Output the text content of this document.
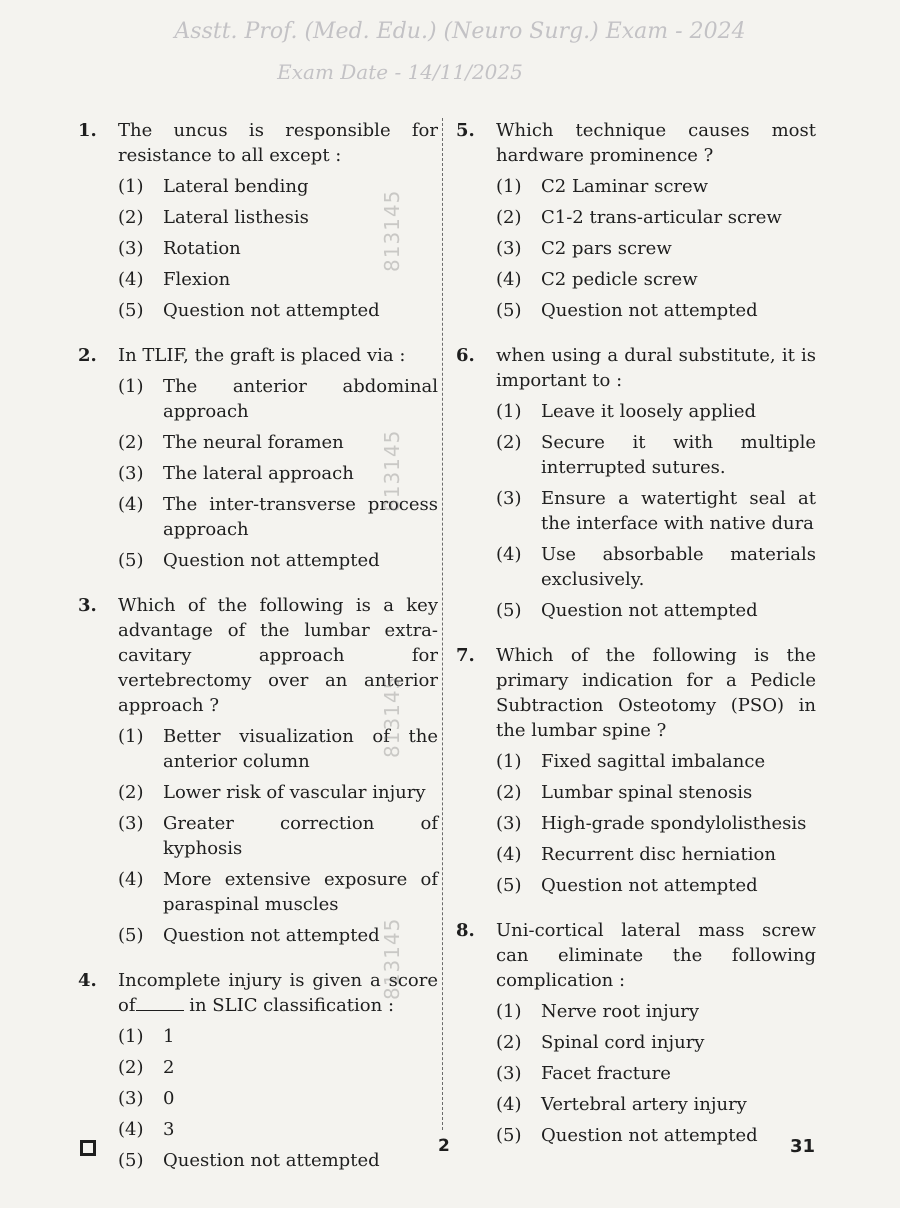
Asstt. Prof. (Med. Edu.) (Neuro Surg.) Exam - 2024
Exam Date - 14/11/2025
1.	The uncus is responsible for resistance to all except :

(1)	Lateral bending
(2)	Lateral listhesis
(3)	Rotation
(4)	Flexion
(5)	Question not attempted
2.	In TLIF, the graft is placed via :

(1)	The anterior abdominal approach
(2)	The neural foramen
(3)	The lateral approach
(4)	The inter-transverse process approach
(5)	Question not attempted
3.	Which of the following is a key advantage of the lumbar extra-cavitary approach for vertebrectomy over an anterior approach ?

(1)	Better visualization of the anterior column
(2)	Lower risk of vascular injury
(3)	Greater correction of kyphosis
(4)	More extensive exposure of paraspinal muscles
(5)	Question not attempted
4.	Incomplete injury is given a score of	in SLIC classification :

(1)	1
(2)	2
(3)	0
(4)	3
(5)	Question not attempted
5.	Which technique causes most hardware prominence ?

(1)	C2 Laminar screw
(2)	C1-2 trans-articular screw
(3)	C2 pars screw
(4)	C2 pedicle screw
(5)	Question not attempted
6.	when using a dural substitute, it is important to :

(1)	Leave it loosely applied
(2)	Secure it with multiple interrupted sutures.
(3)	Ensure a watertight seal at the interface with native dura
(4)	Use absorbable materials exclusively.
(5)	Question not attempted
7.	Which of the following is the primary indication for a Pedicle Subtraction Osteotomy (PSO) in the lumbar spine ?

(1)	Fixed sagittal imbalance
(2)	Lumbar spinal stenosis
(3)	High-grade spondylolisthesis
(4)	Recurrent disc herniation
(5)	Question not attempted
8.	Uni-cortical lateral mass screw can eliminate the following complication :

(1)	Nerve root injury
(2)	Spinal cord injury
(3)	Facet fracture
(4)	Vertebral artery injury
(5)	Question not attempted
813145
813145
813145
813145
2	31
